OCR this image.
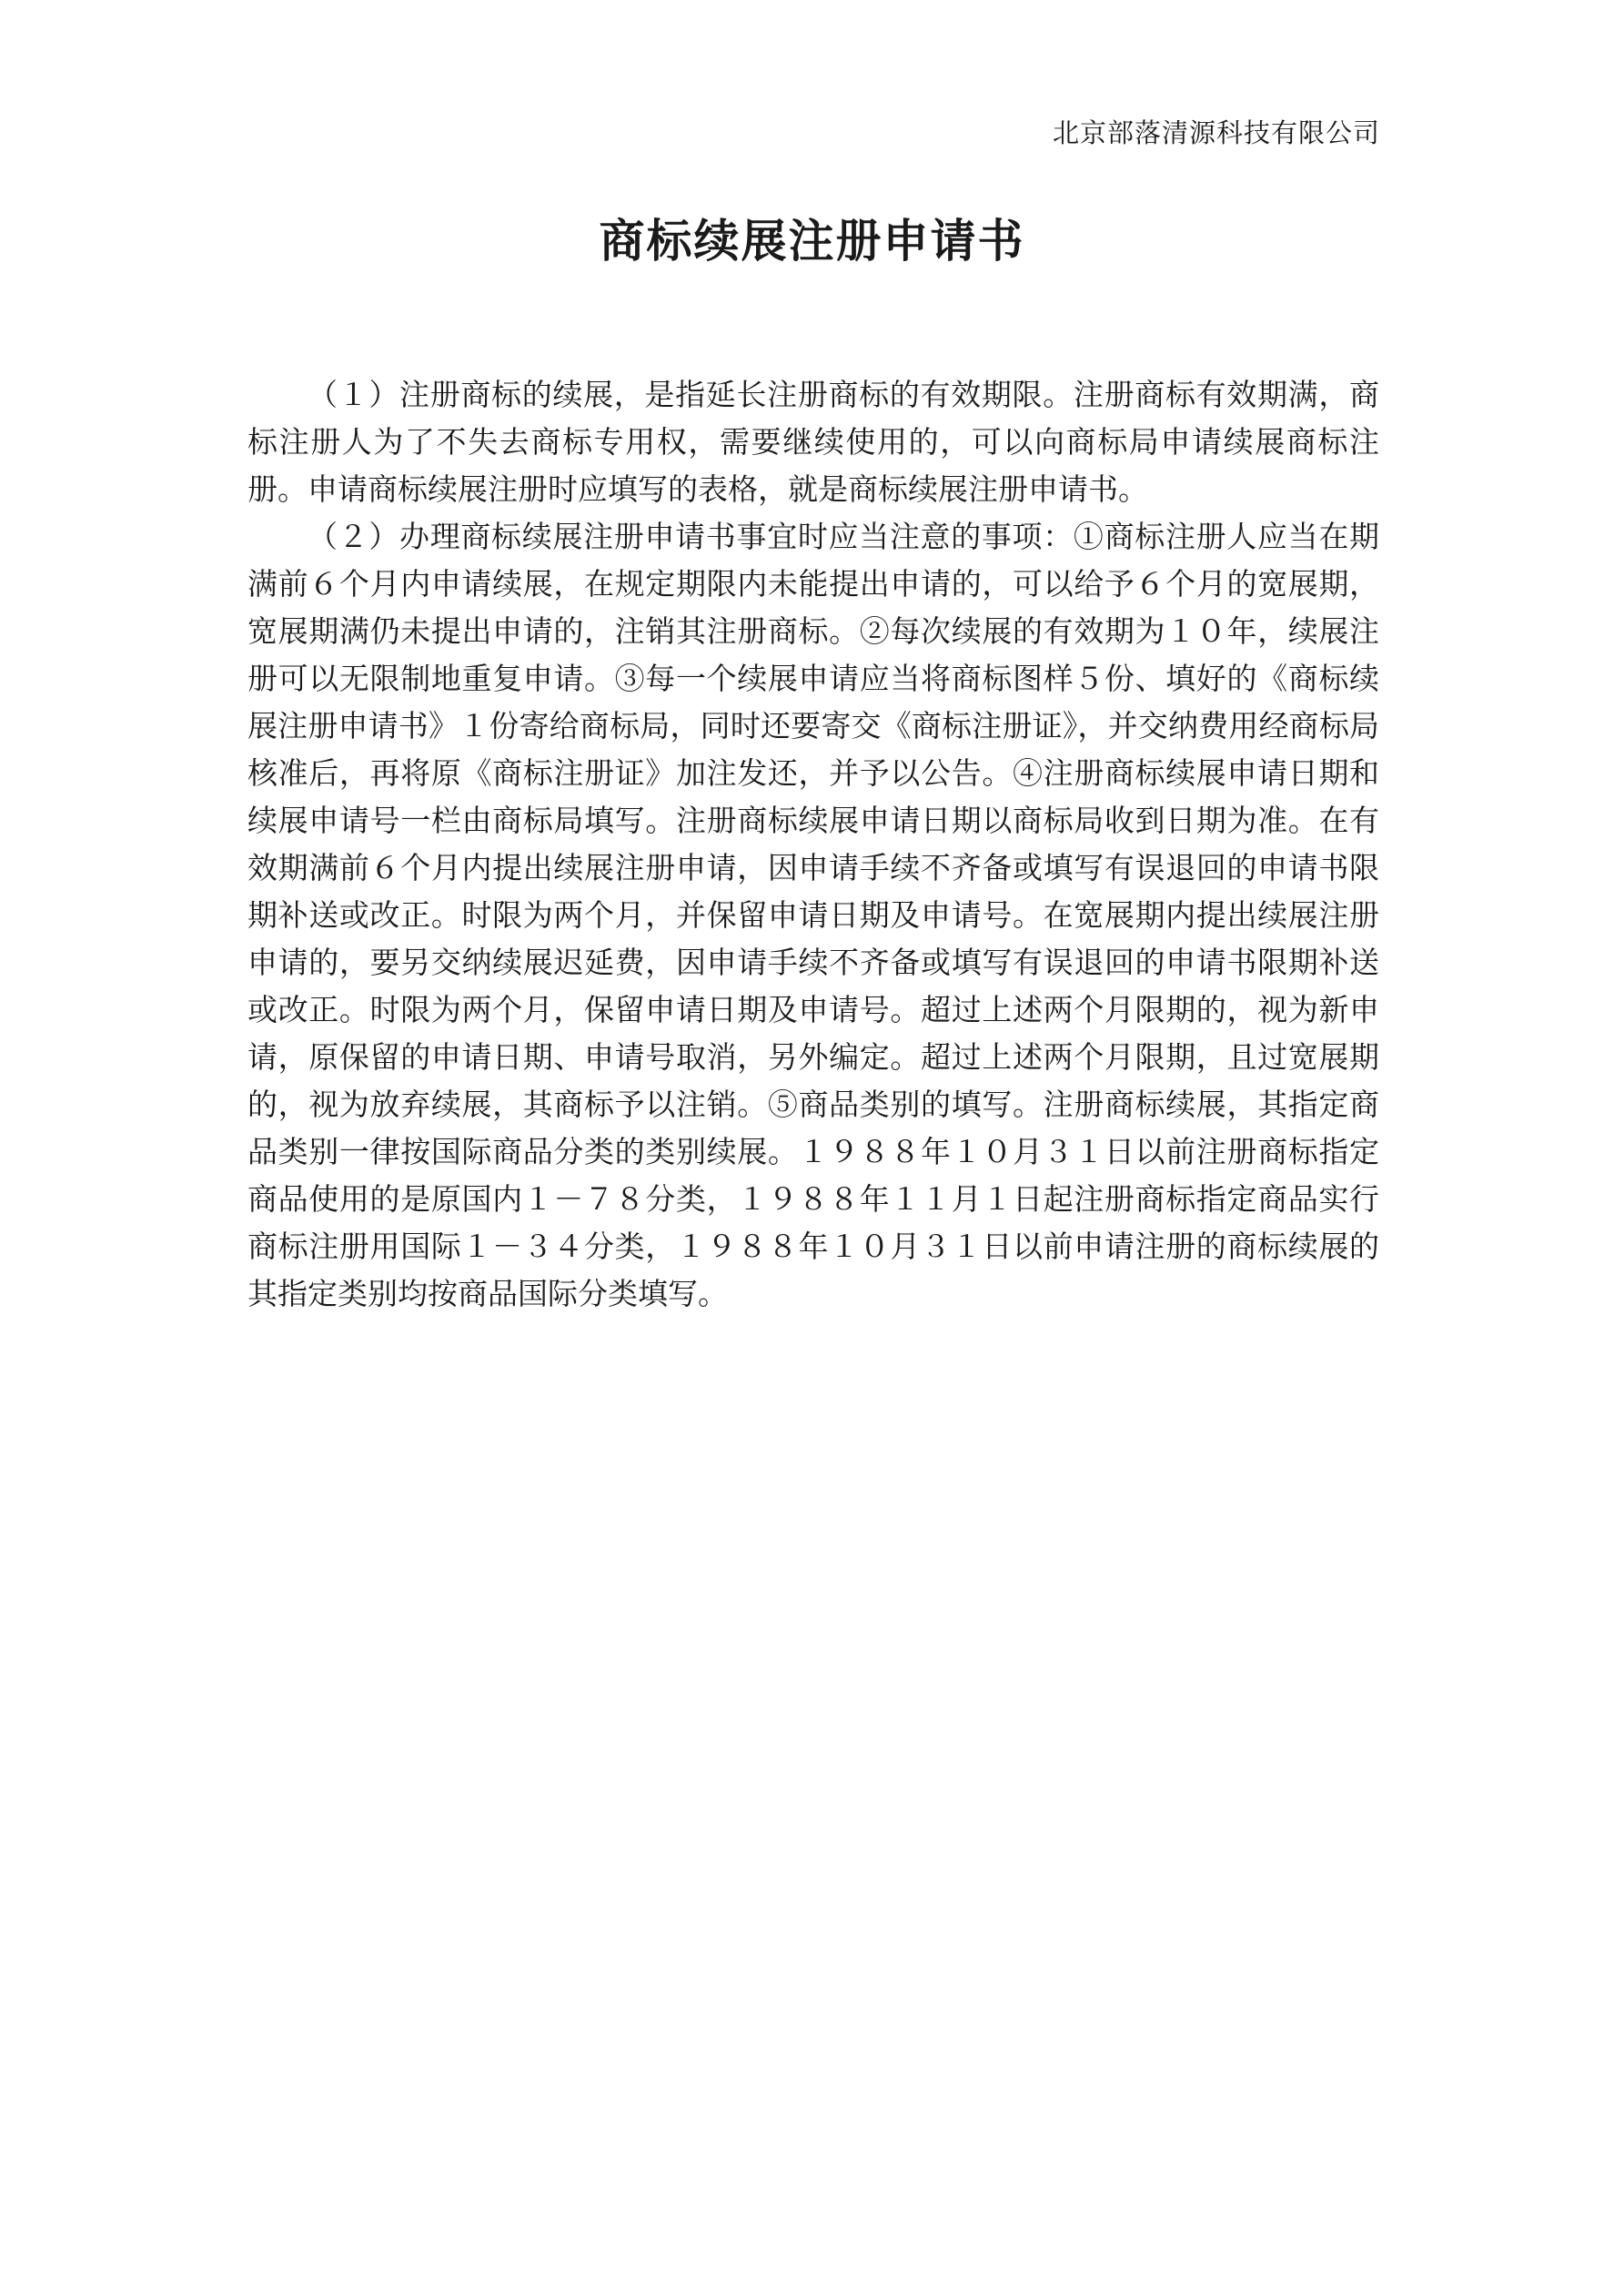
北京部落清源科技有限公司
商标续展注册申请书

（１）注册商标的续展，是指延长注册商标的有效期限。注册商标有效期满，商标注册人为了不失去商标专用权，需要继续使用的，可以向商标局申请续展商标注册。申请商标续展注册时应填写的表格，就是商标续展注册申请书。

（２）办理商标续展注册申请书事宜时应当注意的事项：①商标注册人应当在期满前６个月内申请续展，在规定期限内未能提出申请的，可以给予６个月的宽展期，宽展期满仍未提出申请的，注销其注册商标。②每次续展的有效期为１０年，续展注册可以无限制地重复申请。③每一个续展申请应当将商标图样５份、填好的《商标续展注册申请书》１份寄给商标局，同时还要寄交《商标注册证》，并交纳费用经商标局核准后，再将原《商标注册证》加注发还，并予以公告。④注册商标续展申请日期和续展申请号一栏由商标局填写。注册商标续展申请日期以商标局收到日期为准。在有效期满前６个月内提出续展注册申请，因申请手续不齐备或填写有误退回的申请书限期补送或改正。时限为两个月，并保留申请日期及申请号。在宽展期内提出续展注册申请的，要另交纳续展迟延费，因申请手续不齐备或填写有误退回的申请书限期补送或改正。时限为两个月，保留申请日期及申请号。超过上述两个月限期的，视为新申请，原保留的申请日期、申请号取消，另外编定。超过上述两个月限期，且过宽展期的，视为放弃续展，其商标予以注销。⑤商品类别的填写。注册商标续展，其指定商品类别一律按国际商品分类的类别续展。１９８８年１０月３１日以前注册商标指定商品使用的是原国内１－７８分类，１９８８年１１月１日起注册商标指定商品实行商标注册用国际１－３４分类，１９８８年１０月３１日以前申请注册的商标续展的其指定类别均按商品国际分类填写。
